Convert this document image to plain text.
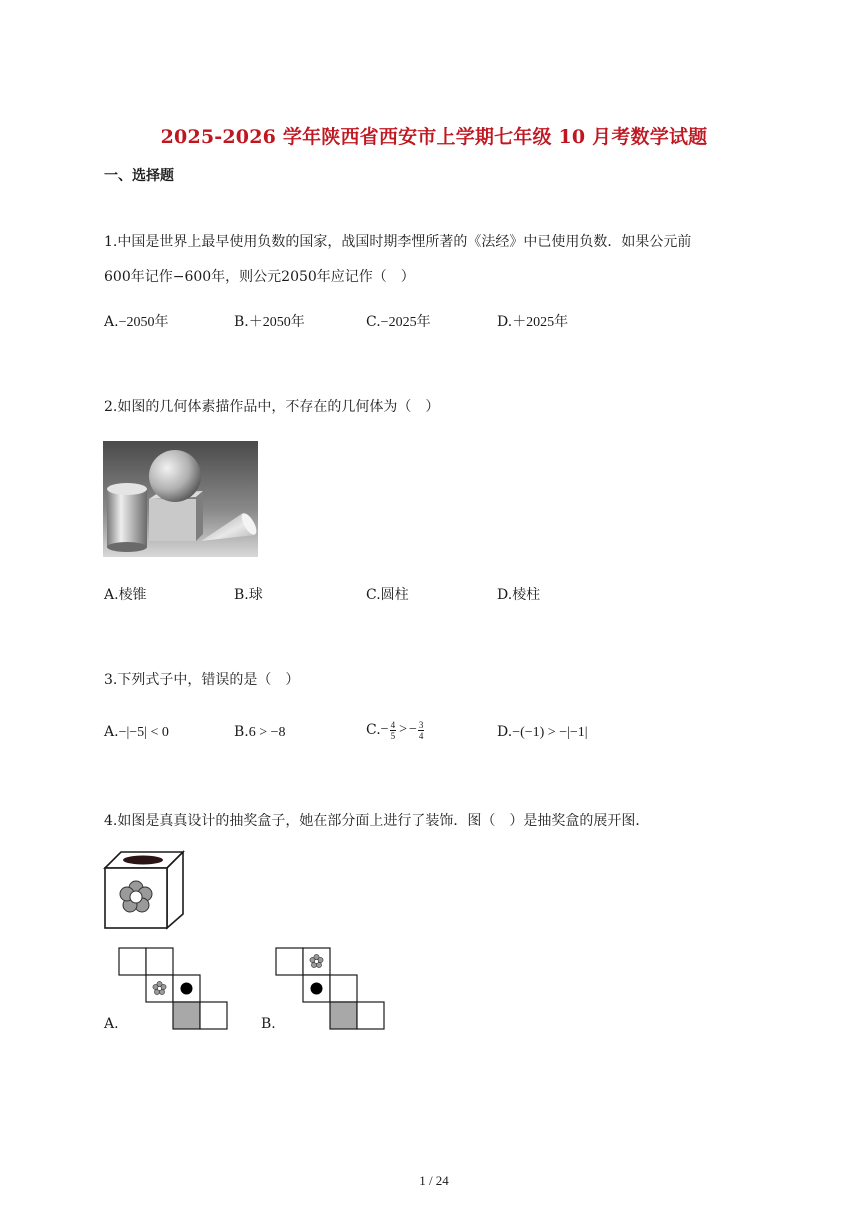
2025-2026 学年陕西省西安市上学期七年级 10 月考数学试题
一、选择题
1.中国是世界上最早使用负数的国家，战国时期李悝所著的《法经》中已使用负数．如果公元前
600年记作−600年，则公元2050年应记作（　）
A.−2050年	B.＋2050年	C.−2025年	D.＋2025年
2.如图的几何体素描作品中，不存在的几何体为（　）
A.棱锥	B.球	C.圆柱	D.棱柱
3.下列式子中，错误的是（　）
A.−|−5| < 0	B.6 > −8	C. − $\frac{4}{5}$ > − $\frac{3}{4}$	D.−(−1) > −|−1|
4.如图是真真设计的抽奖盒子，她在部分面上进行了装饰．图（　）是抽奖盒的展开图．
A.	B.
1 / 24
